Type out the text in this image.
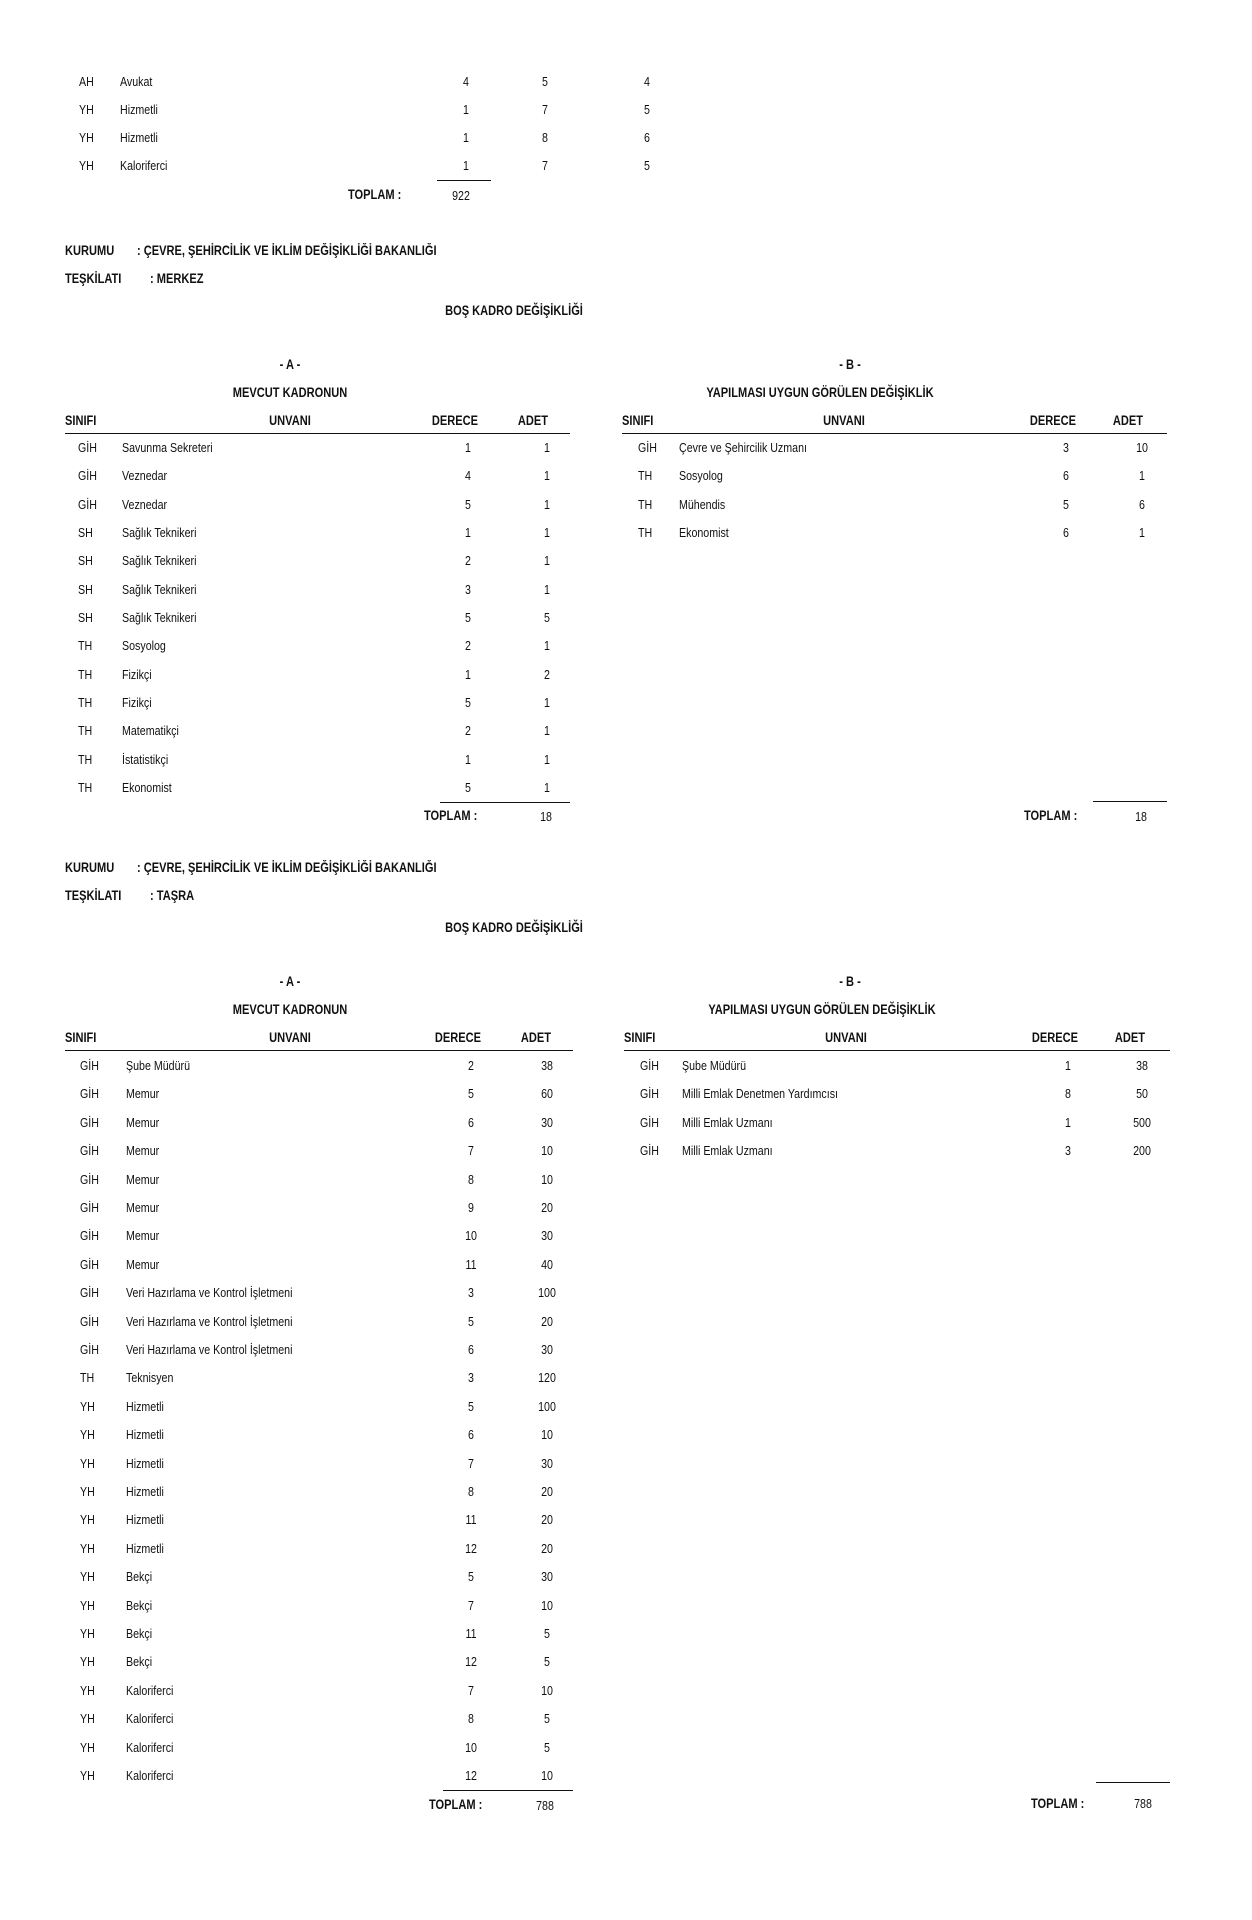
AH Avukat	4	5	4
YH Hizmetli	1	7	5
YH Hizmetli	1	8	6
YH Kaloriferci	1	7	5
TOPLAM :	922
KURUMU : ÇEVRE, ŞEHİRCİLİK VE İKLİM DEĞİŞİKLİĞİ BAKANLIĞI
TEŞKİLATI : MERKEZ
BOŞ KADRO DEĞİŞİKLİĞİ
- A -
MEVCUT KADRONUN
SINIFI	UNVANI	DERECE	ADET
- B -
YAPILMASI UYGUN GÖRÜLEN DEĞİŞİKLİK
SINIFI	UNVANI	DERECE	ADET
GİH Savunma Sekreteri	1	1
GİH Veznedar	4	1
GİH Veznedar	5	1
SH Sağlık Teknikeri	1	1
SH Sağlık Teknikeri	2	1
SH Sağlık Teknikeri	3	1
SH Sağlık Teknikeri	5	5
TH Sosyolog	2	1
TH Fizikçi	1	2
TH Fizikçi	5	1
TH Matematikçi	2	1
TH İstatistikçi	1	1
TH Ekonomist	5	1
TOPLAM :	18
GİH Çevre ve Şehircilik Uzmanı	3	10
TH Sosyolog	6	1
TH Mühendis	5	6
TH Ekonomist	6	1
TOPLAM :	18
KURUMU : ÇEVRE, ŞEHİRCİLİK VE İKLİM DEĞİŞİKLİĞİ BAKANLIĞI
TEŞKİLATI : TAŞRA
BOŞ KADRO DEĞİŞİKLİĞİ
- A -
MEVCUT KADRONUN
SINIFI	UNVANI	DERECE	ADET
- B -
YAPILMASI UYGUN GÖRÜLEN DEĞİŞİKLİK
SINIFI	UNVANI	DERECE	ADET
GİH Şube Müdürü	2	38
GİH Memur	5	60
GİH Memur	6	30
GİH Memur	7	10
GİH Memur	8	10
GİH Memur	9	20
GİH Memur	10	30
GİH Memur	11	40
GİH Veri Hazırlama ve Kontrol İşletmeni	3	100
GİH Veri Hazırlama ve Kontrol İşletmeni	5	20
GİH Veri Hazırlama ve Kontrol İşletmeni	6	30
TH Teknisyen	3	120
YH Hizmetli	5	100
YH Hizmetli	6	10
YH Hizmetli	7	30
YH Hizmetli	8	20
YH Hizmetli	11	20
YH Hizmetli	12	20
YH Bekçi	5	30
YH Bekçi	7	10
YH Bekçi	11	5
YH Bekçi	12	5
YH Kaloriferci	7	10
YH Kaloriferci	8	5
YH Kaloriferci	10	5
YH Kaloriferci	12	10
TOPLAM :	788
GİH Şube Müdürü	1	38
GİH Milli Emlak Denetmen Yardımcısı	8	50
GİH Milli Emlak Uzmanı	1	500
GİH Milli Emlak Uzmanı	3	200
TOPLAM :	788
